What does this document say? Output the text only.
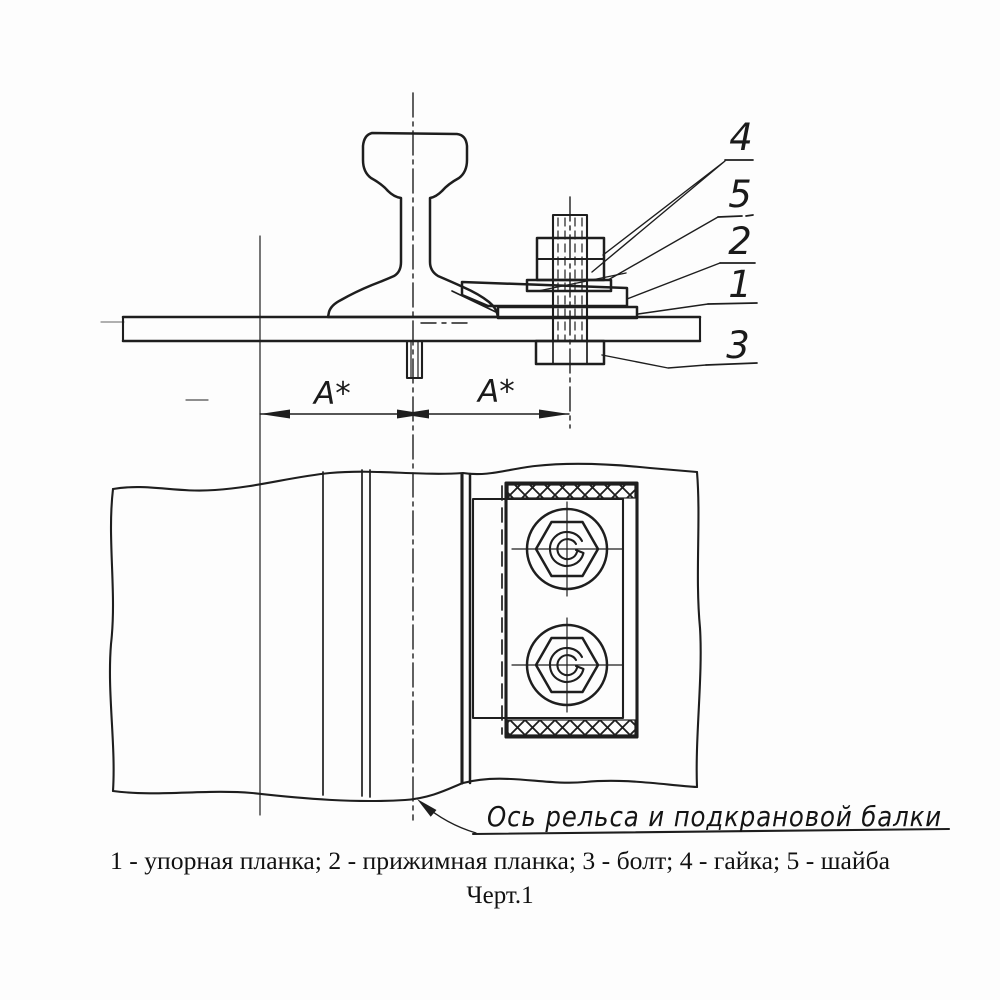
4
5
2
1
3
A*	A*
Ось рельса и подкрановой балки
1 - упорная планка; 2 - прижимная планка; 3 - болт; 4 - гайка; 5 - шайба
Черт.1
